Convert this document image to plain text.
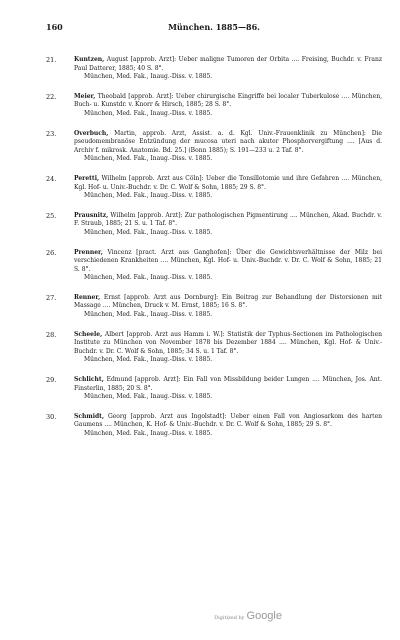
160	München. 1885—86.
21.	Kuntzen, August [approb. Arzt]: Ueber maligne Tumoren der Orbita .... Freising, Buchdr. v. Franz Paul Datterer, 1885; 40 S. 8°.
München, Med. Fak., Inaug.-Diss. v. 1885.
22.	Meier, Theobald [approb. Arzt]: Ueber chirurgische Eingriffe bei localer Tuberkulose .... München, Buch- u. Kunstdr. v. Knorr & Hirsch, 1885; 28 S. 8°.
München, Med. Fak., Inaug.-Diss. v. 1885.
23.	Overbuch, Martin, approb. Arzt, Assist. a. d. Kgl. Univ.-Frauenklinik zu München]: Die pseudomembranöse Entzündung der mucosa uteri nach akuter Phosphorvergiftung .... [Aus d. Archiv f. mikrosk. Anatomie. Bd. 25.] (Bonn 1885); S. 191—233 u. 2 Taf. 8°.
München, Med. Fak., Inaug.-Diss. v. 1885.
24.	Peretti, Wilhelm [approb. Arzt aus Cöln]: Ueber die Tonsillotomie und ihre Gefahren .... München, Kgl. Hof- u. Univ.-Buchdr. v. Dr. C. Wolf & Sohn, 1885; 29 S. 8°.
München, Med. Fak., Inaug.-Diss. v. 1885.
25.	Prausnitz, Wilhelm [approb. Arzt]: Zur pathologischen Pigmentirung .... München, Akad. Buchdr. v. F. Straub, 1885; 21 S. u. 1 Taf. 8°.
München, Med. Fak., Inaug.-Diss. v. 1885.
26.	Prenner, Vincenz [pract. Arzt aus Ganghofen]: Über die Gewichtsverhältnisse der Milz bei verschiedenen Krankheiten .... München, Kgl. Hof- u. Univ.-Buchdr. v. Dr. C. Wolf & Sohn, 1885; 21 S. 8°.
München, Med. Fak., Inaug.-Diss. v. 1885.
27.	Renner, Ernst [approb. Arzt aus Dornburg]: Ein Beitrag zur Behandlung der Distorsionen mit Massage .... München, Druck v. M. Ernst, 1885; 16 S. 8°.
München, Med. Fak., Inaug.-Diss. v. 1885.
28.	Scheele, Albert [approb. Arzt aus Hamm i. W.]: Statistik der Typhus-Sectionen im Pathologischen Institute zu München von November 1878 bis Dezember 1884 .... München, Kgl. Hof- & Univ.-Buchdr. v. Dr. C. Wolf & Sohn, 1885; 34 S. u. 1 Taf. 8°.
München, Med. Fak., Inaug.-Diss. v. 1885.
29.	Schlicht, Edmund [approb. Arzt]: Ein Fall von Missbildung beider Lungen .... München, Jos. Ant. Finsterlin, 1885; 20 S. 8°.
München, Med. Fak., Inaug.-Diss. v. 1885.
30.	Schmidt, Georg [approb. Arzt aus Ingolstadt]: Ueber einen Fall von Angiosarkom des harten Gaumens .... München, K. Hof- & Univ.-Buchdr. v. Dr. C. Wolf & Sohn, 1885; 29 S. 8°.
München, Med. Fak., Inaug.-Diss. v. 1885.
Digitized by Google
